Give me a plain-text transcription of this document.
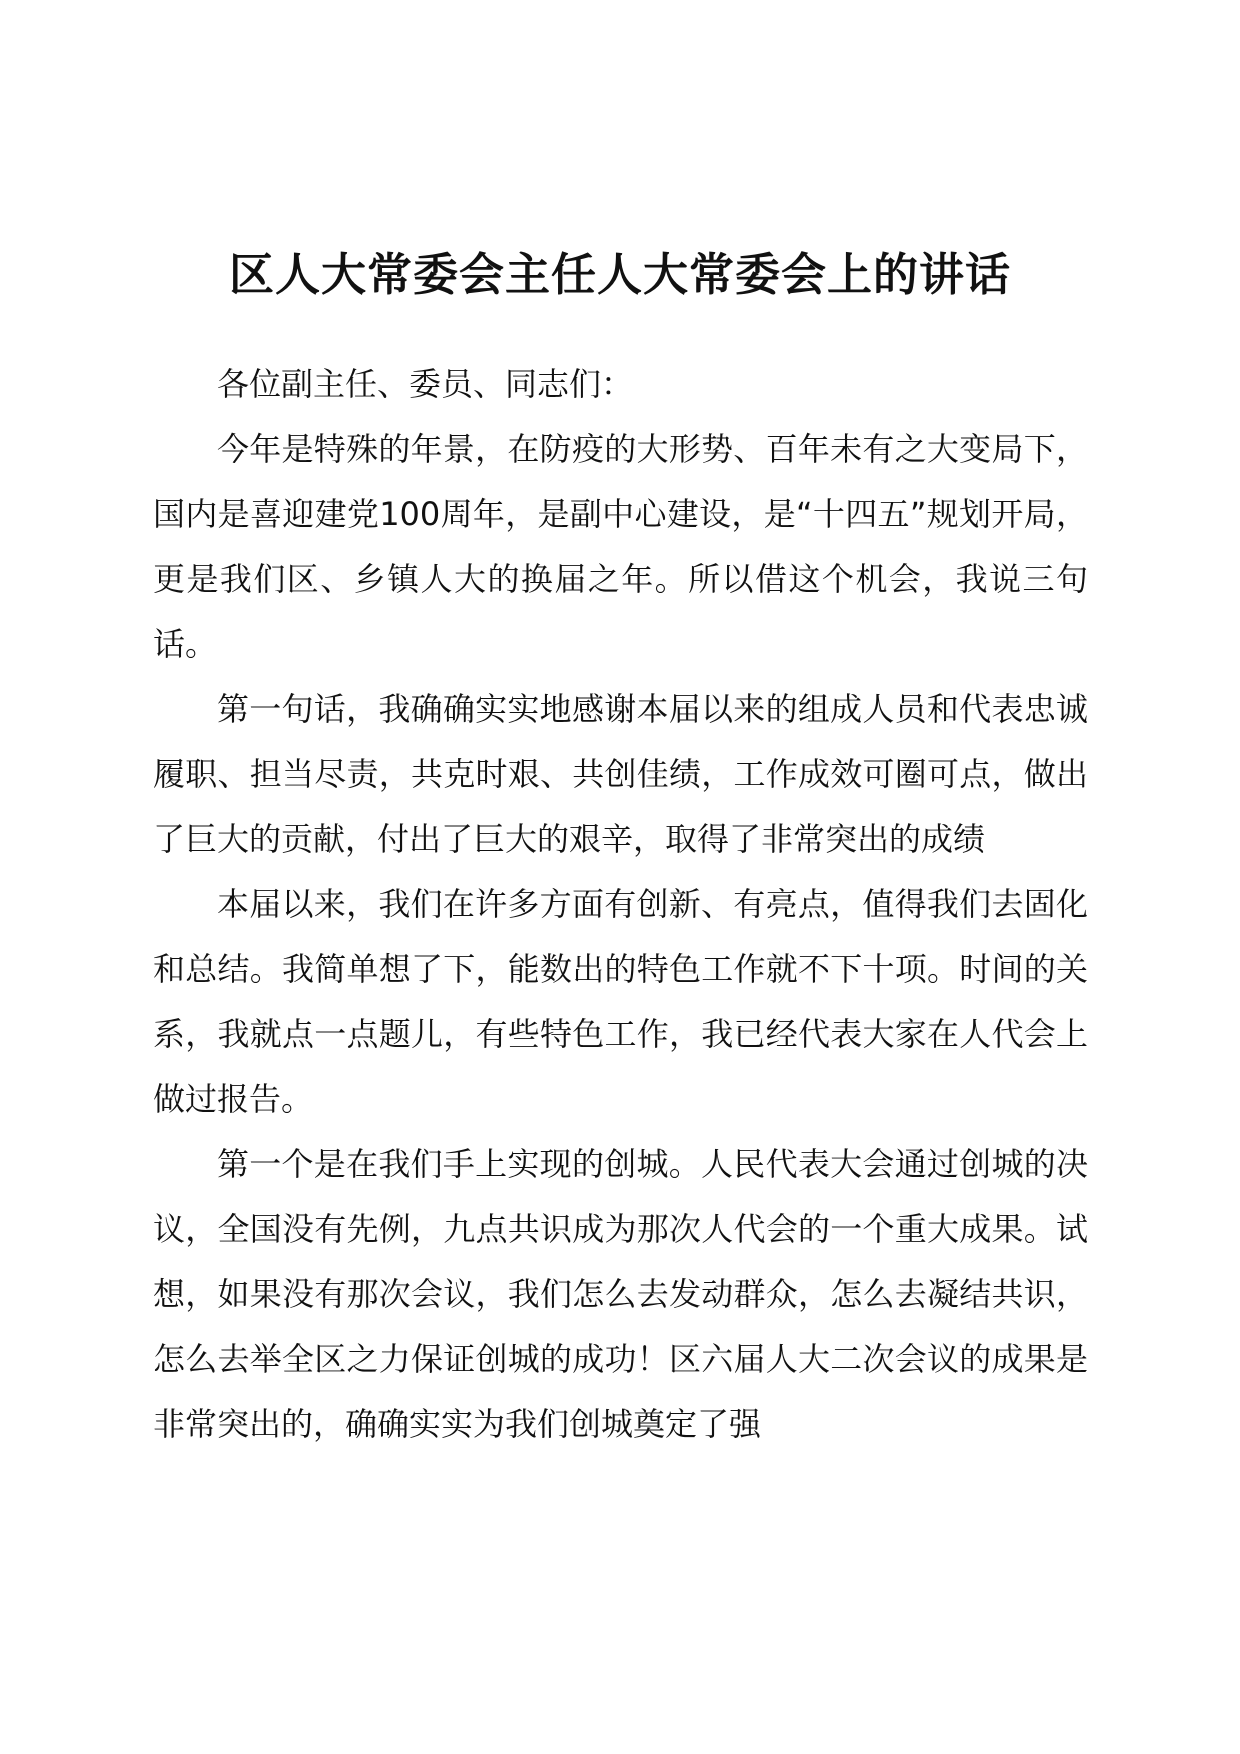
区人大常委会主任人大常委会上的讲话

各位副主任、委员、同志们：

今年是特殊的年景，在防疫的大形势、百年未有之大变局下，国内是喜迎建党100周年，是副中心建设，是“十四五”规划开局，更是我们区、乡镇人大的换届之年。所以借这个机会，我说三句话。

第一句话，我确确实实地感谢本届以来的组成人员和代表忠诚履职、担当尽责，共克时艰、共创佳绩，工作成效可圈可点，做出了巨大的贡献，付出了巨大的艰辛，取得了非常突出的成绩

本届以来，我们在许多方面有创新、有亮点，值得我们去固化和总结。我简单想了下，能数出的特色工作就不下十项。时间的关系，我就点一点题儿，有些特色工作，我已经代表大家在人代会上做过报告。

第一个是在我们手上实现的创城。人民代表大会通过创城的决议，全国没有先例，九点共识成为那次人代会的一个重大成果。试想，如果没有那次会议，我们怎么去发动群众，怎么去凝结共识，怎么去举全区之力保证创城的成功！区六届人大二次会议的成果是非常突出的，确确实实为我们创城奠定了强
